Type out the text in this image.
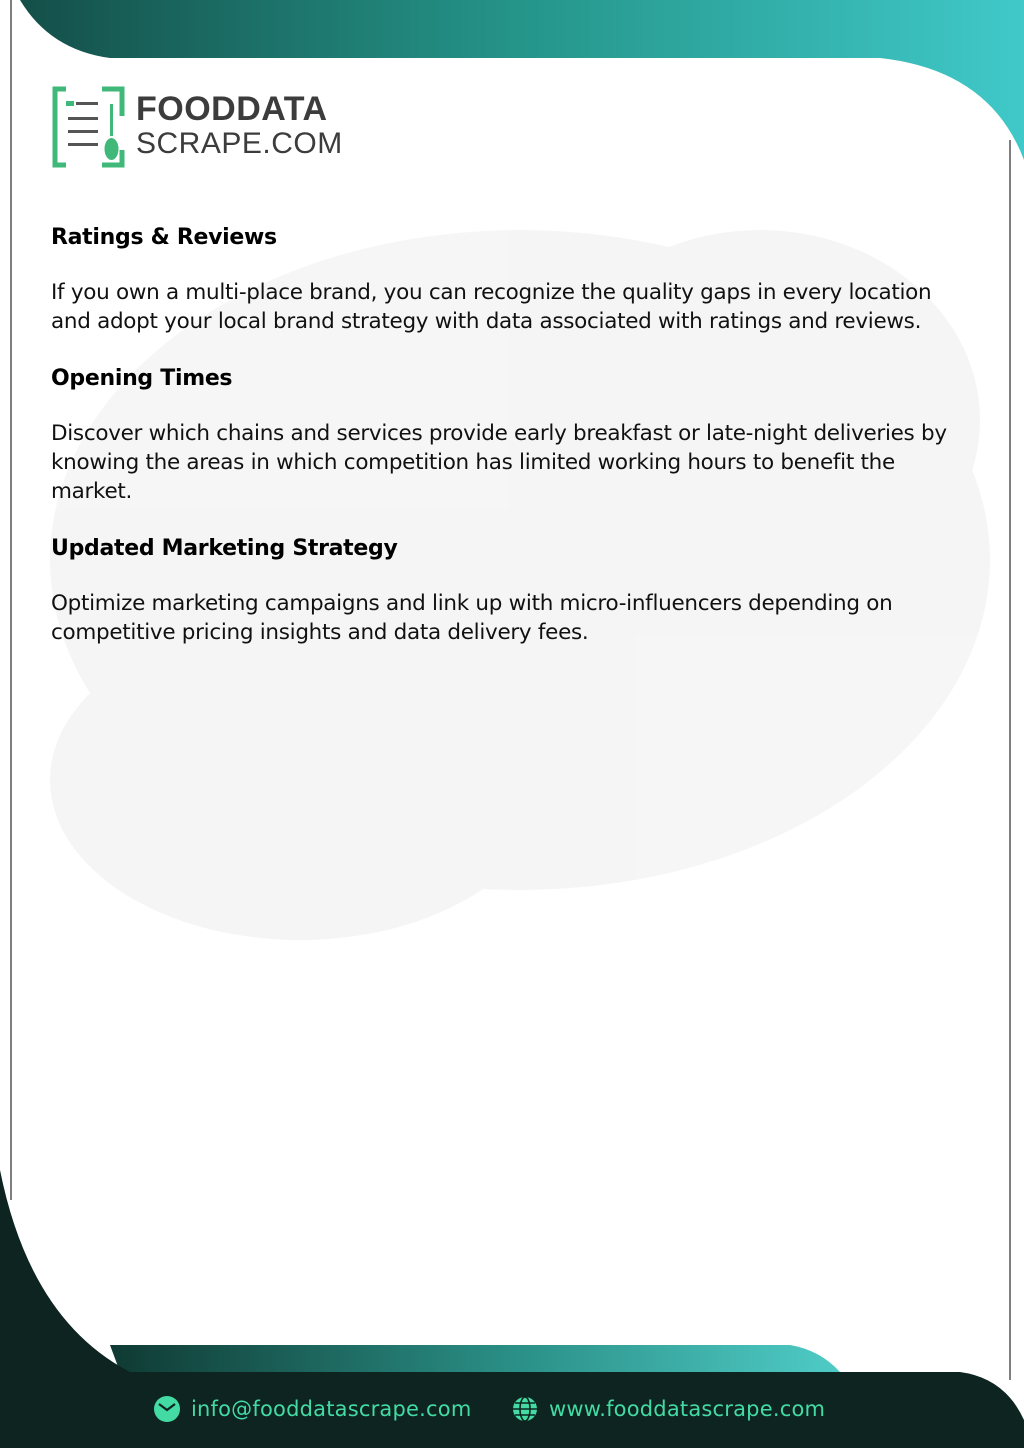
FOODDATA
SCRAPE.COM
Ratings & Reviews

If you own a multi-place brand, you can recognize the quality gaps in every location and adopt your local brand strategy with data associated with ratings and reviews.

Opening Times

Discover which chains and services provide early breakfast or late-night deliveries by knowing the areas in which competition has limited working hours to benefit the market.

Updated Marketing Strategy

Optimize marketing campaigns and link up with micro-influencers depending on competitive pricing insights and data delivery fees.

info@fooddatascrape.com	www.fooddatascrape.com
